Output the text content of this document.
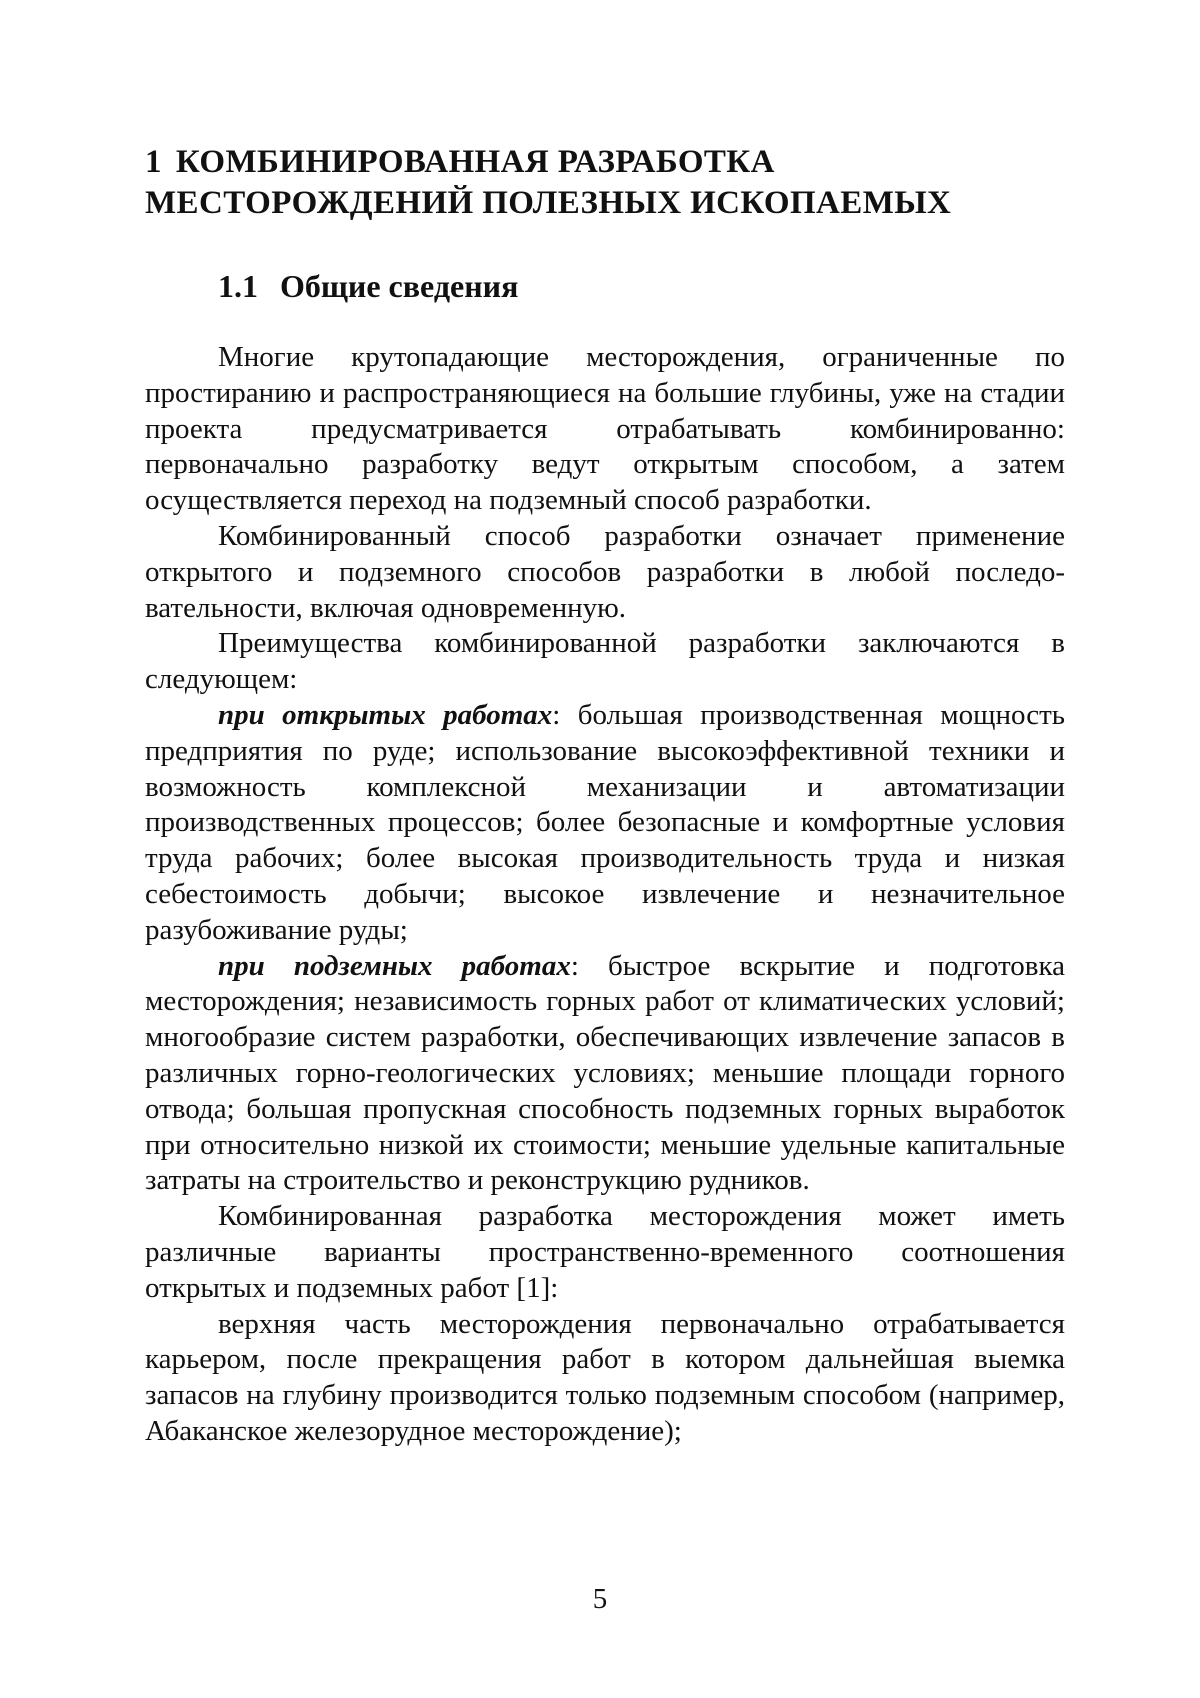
1 КОМБИНИРОВАННАЯ РАЗРАБОТКА МЕСТОРОЖДЕНИЙ ПОЛЕЗНЫХ ИСКОПАЕМЫХ
1.1 Общие сведения

Многие крутопадающие месторождения, ограниченные по простиранию и распространяющиеся на большие глубины, уже на стадии проекта предусматривается отрабатывать комбинированно: первоначально разработку ведут открытым способом, а затем осуществляется переход на подземный способ разработки.

Комбинированный способ разработки означает применение открытого и подземного способов разработки в любой последовательности, включая одновременную.

Преимущества комбинированной разработки заключаются в следующем:

при открытых работах: большая производственная мощность предприятия по руде; использование высокоэффективной техники и возможность комплексной механизации и автоматизации производственных процессов; более безопасные и комфортные условия труда рабочих; более высокая производительность труда и низкая себестоимость добычи; высокое извлечение и незначительное разубоживание руды;

при подземных работах: быстрое вскрытие и подготовка месторождения; независимость горных работ от климатических условий; многообразие систем разработки, обеспечивающих извлечение запасов в различных горно-геологических условиях; меньшие площади горного отвода; большая пропускная способность подземных горных выработок при относительно низкой их стоимости; меньшие удельные капитальные затраты на строительство и реконструкцию рудников.

Комбинированная разработка месторождения может иметь различные варианты пространственно-временного соотношения открытых и подземных работ [1]:

верхняя часть месторождения первоначально отрабатывается карьером, после прекращения работ в котором дальнейшая выемка запасов на глубину производится только подземным способом (например, Абаканское железорудное месторождение);

5
